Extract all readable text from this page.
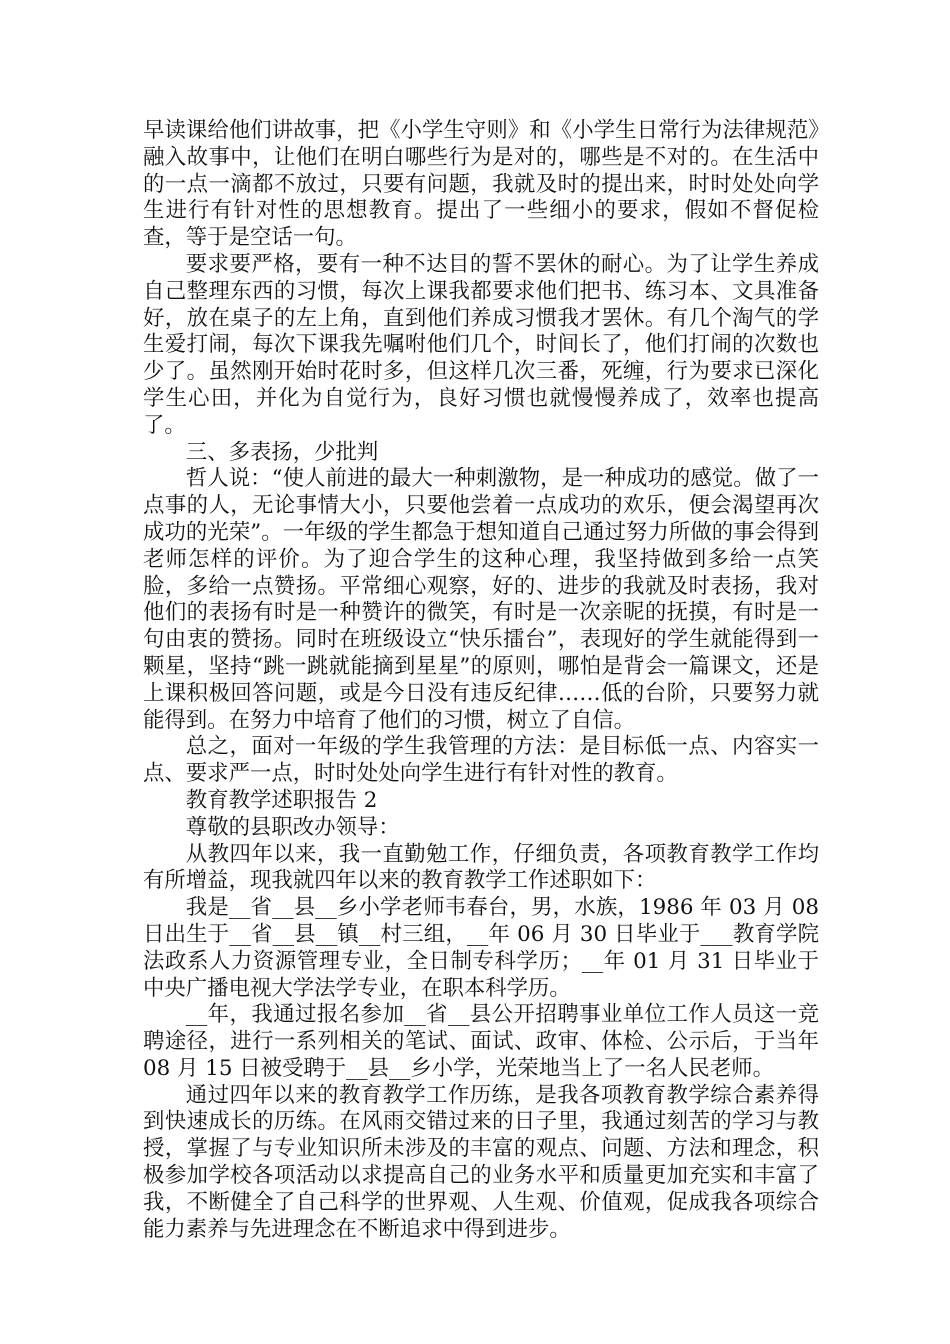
早读课给他们讲故事，把《小学生守则》和《小学生日常行为法律规范》融入故事中，让他们在明白哪些行为是对的，哪些是不对的。在生活中的一点一滴都不放过，只要有问题，我就及时的提出来，时时处处向学生进行有针对性的思想教育。提出了一些细小的要求，假如不督促检查，等于是空话一句。

要求要严格，要有一种不达目的誓不罢休的耐心。为了让学生养成自己整理东西的习惯，每次上课我都要求他们把书、练习本、文具准备好，放在桌子的左上角，直到他们养成习惯我才罢休。有几个淘气的学生爱打闹，每次下课我先嘱咐他们几个，时间长了，他们打闹的次数也少了。虽然刚开始时花时多，但这样几次三番，死缠，行为要求已深化学生心田，并化为自觉行为，良好习惯也就慢慢养成了，效率也提高了。

三、多表扬，少批判

哲人说：“使人前进的最大一种刺激物，是一种成功的感觉。做了一点事的人，无论事情大小，只要他尝着一点成功的欢乐，便会渴望再次成功的光荣”。一年级的学生都急于想知道自己通过努力所做的事会得到老师怎样的评价。为了迎合学生的这种心理，我坚持做到多给一点笑脸，多给一点赞扬。平常细心观察，好的、进步的我就及时表扬，我对他们的表扬有时是一种赞许的微笑，有时是一次亲昵的抚摸，有时是一句由衷的赞扬。同时在班级设立“快乐擂台”，表现好的学生就能得到一颗星，坚持“跳一跳就能摘到星星”的原则，哪怕是背会一篇课文，还是上课积极回答问题，或是今日没有违反纪律……低的台阶，只要努力就能得到。在努力中培育了他们的习惯，树立了自信。

总之，面对一年级的学生我管理的方法：是目标低一点、内容实一点、要求严一点，时时处处向学生进行有针对性的教育。

教育教学述职报告 2

尊敬的县职改办领导：

从教四年以来，我一直勤勉工作，仔细负责，各项教育教学工作均有所增益，现我就四年以来的教育教学工作述职如下：

我是__省__县__乡小学老师韦春台，男，水族，1986 年 03 月 08 日出生于__省__县__镇__村三组，__年 06 月 30 日毕业于___教育学院法政系人力资源管理专业，全日制专科学历；__年 01 月 31 日毕业于中央广播电视大学法学专业，在职本科学历。

__年，我通过报名参加__省__县公开招聘事业单位工作人员这一竞聘途径，进行一系列相关的笔试、面试、政审、体检、公示后，于当年 08 月 15 日被受聘于__县__乡小学，光荣地当上了一名人民老师。

通过四年以来的教育教学工作历练，是我各项教育教学综合素养得到快速成长的历练。在风雨交错过来的日子里，我通过刻苦的学习与教授，掌握了与专业知识所未涉及的丰富的观点、问题、方法和理念，积极参加学校各项活动以求提高自己的业务水平和质量更加充实和丰富了我，不断健全了自己科学的世界观、人生观、价值观，促成我各项综合能力素养与先进理念在不断追求中得到进步。
